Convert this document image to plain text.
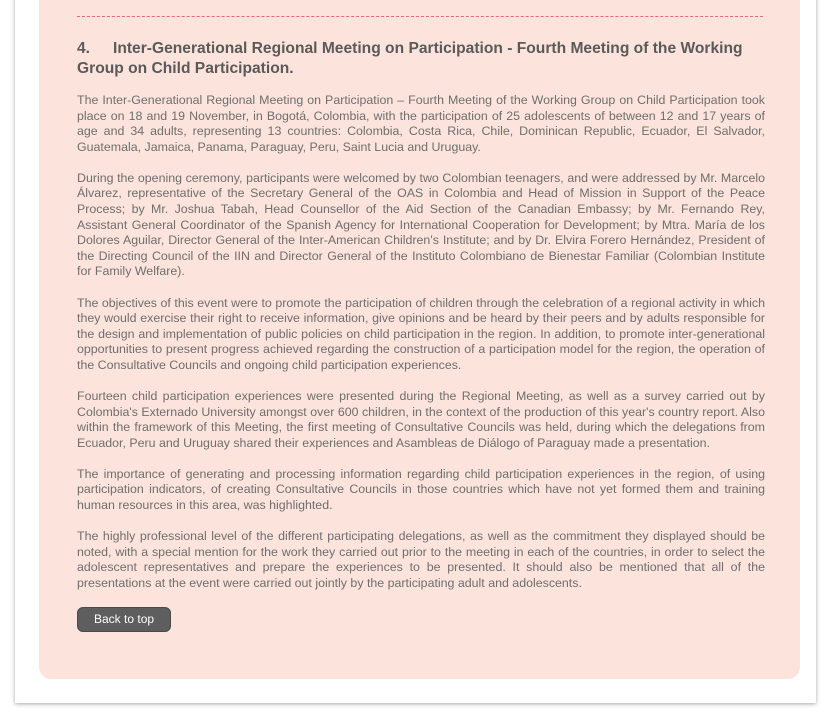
4. Inter-Generational Regional Meeting on Participation - Fourth Meeting of the Working Group on Child Participation.

The Inter-Generational Regional Meeting on Participation – Fourth Meeting of the Working Group on Child Participation took place on 18 and 19 November, in Bogotá, Colombia, with the participation of 25 adolescents of between 12 and 17 years of age and 34 adults, representing 13 countries: Colombia, Costa Rica, Chile, Dominican Republic, Ecuador, El Salvador, Guatemala, Jamaica, Panama, Paraguay, Peru, Saint Lucia and Uruguay.

During the opening ceremony, participants were welcomed by two Colombian teenagers, and were addressed by Mr. Marcelo Álvarez, representative of the Secretary General of the OAS in Colombia and Head of Mission in Support of the Peace Process; by Mr. Joshua Tabah, Head Counsellor of the Aid Section of the Canadian Embassy; by Mr. Fernando Rey, Assistant General Coordinator of the Spanish Agency for International Cooperation for Development; by Mtra. María de los Dolores Aguilar, Director General of the Inter-American Children's Institute; and by Dr. Elvira Forero Hernández, President of the Directing Council of the IIN and Director General of the Instituto Colombiano de Bienestar Familiar (Colombian Institute for Family Welfare).

The objectives of this event were to promote the participation of children through the celebration of a regional activity in which they would exercise their right to receive information, give opinions and be heard by their peers and by adults responsible for the design and implementation of public policies on child participation in the region. In addition, to promote inter-generational opportunities to present progress achieved regarding the construction of a participation model for the region, the operation of the Consultative Councils and ongoing child participation experiences.

Fourteen child participation experiences were presented during the Regional Meeting, as well as a survey carried out by Colombia's Externado University amongst over 600 children, in the context of the production of this year's country report. Also within the framework of this Meeting, the first meeting of Consultative Councils was held, during which the delegations from Ecuador, Peru and Uruguay shared their experiences and Asambleas de Diálogo of Paraguay made a presentation.

The importance of generating and processing information regarding child participation experiences in the region, of using participation indicators, of creating Consultative Councils in those countries which have not yet formed them and training human resources in this area, was highlighted.

The highly professional level of the different participating delegations, as well as the commitment they displayed should be noted, with a special mention for the work they carried out prior to the meeting in each of the countries, in order to select the adolescent representatives and prepare the experiences to be presented. It should also be mentioned that all of the presentations at the event were carried out jointly by the participating adult and adolescents.

Back to top
